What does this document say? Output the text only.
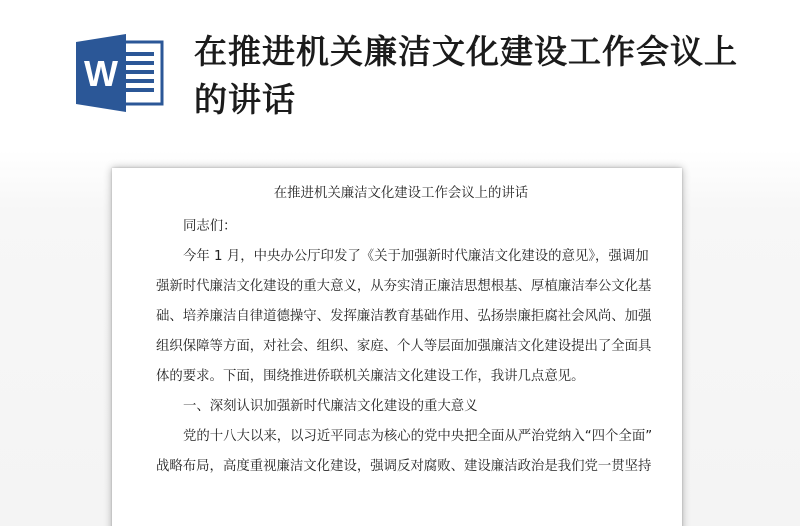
W
在推进机关廉洁文化建设工作会议上的讲话

在推进机关廉洁文化建设工作会议上的讲话

同志们：

今年 1 月，中央办公厅印发了《关于加强新时代廉洁文化建设的意见》，强调加

强新时代廉洁文化建设的重大意义，从夯实清正廉洁思想根基、厚植廉洁奉公文化基

础、培养廉洁自律道德操守、发挥廉洁教育基础作用、弘扬崇廉拒腐社会风尚、加强

组织保障等方面，对社会、组织、家庭、个人等层面加强廉洁文化建设提出了全面具

体的要求。下面，围绕推进侨联机关廉洁文化建设工作，我讲几点意见。

一、深刻认识加强新时代廉洁文化建设的重大意义

党的十八大以来，以习近平同志为核心的党中央把全面从严治党纳入“四个全面”

战略布局，高度重视廉洁文化建设，强调反对腐败、建设廉洁政治是我们党一贯坚持
